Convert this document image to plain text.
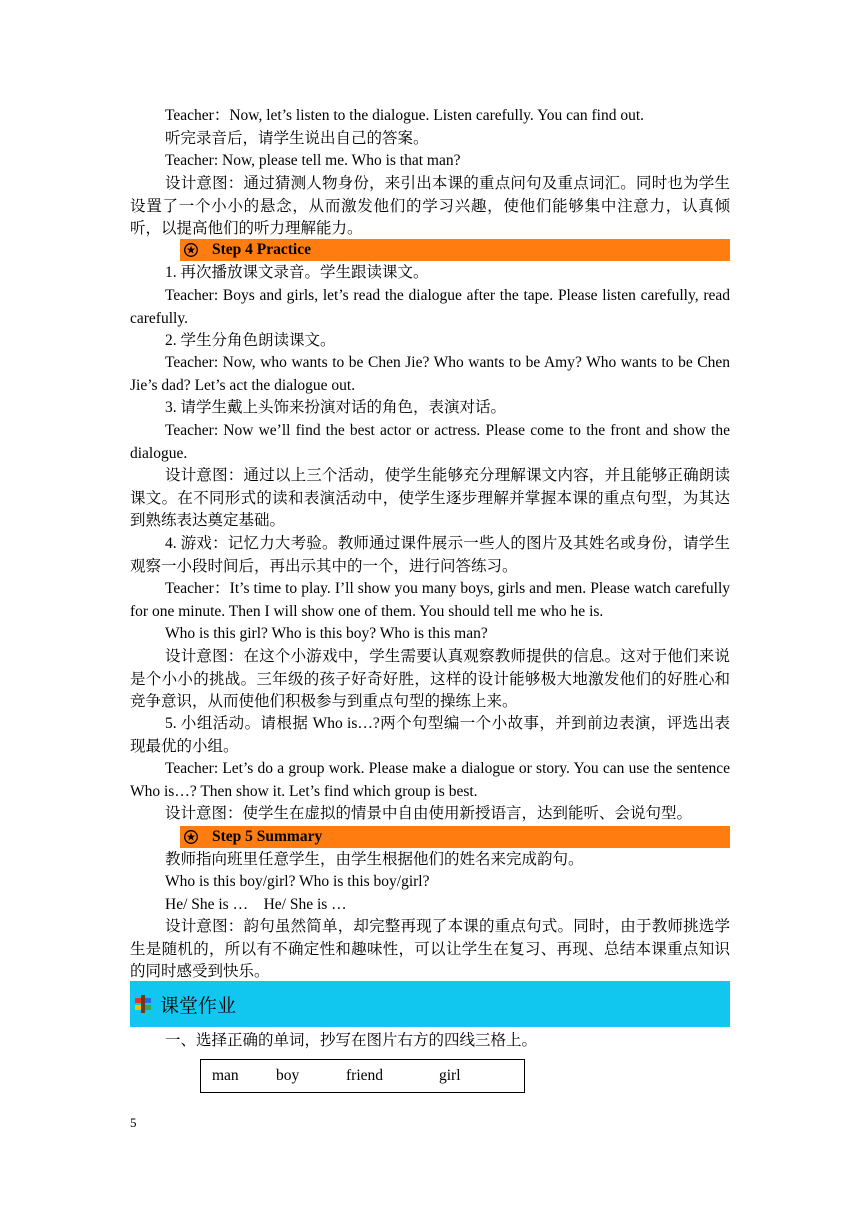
Teacher：Now, let’s listen to the dialogue. Listen carefully. You can find out.

听完录音后，请学生说出自己的答案。

Teacher: Now, please tell me. Who is that man?

设计意图：通过猜测人物身份，来引出本课的重点问句及重点词汇。同时也为学生设置了一个小小的悬念，从而激发他们的学习兴趣，使他们能够集中注意力，认真倾听，以提高他们的听力理解能力。

Step 4 Practice

1. 再次播放课文录音。学生跟读课文。

Teacher: Boys and girls, let’s read the dialogue after the tape. Please listen carefully, read carefully.

2. 学生分角色朗读课文。

Teacher: Now, who wants to be Chen Jie? Who wants to be Amy? Who wants to be Chen Jie’s dad? Let’s act the dialogue out.

3. 请学生戴上头饰来扮演对话的角色，表演对话。

Teacher: Now we’ll find the best actor or actress. Please come to the front and show the dialogue.

设计意图：通过以上三个活动，使学生能够充分理解课文内容，并且能够正确朗读课文。在不同形式的读和表演活动中，使学生逐步理解并掌握本课的重点句型，为其达到熟练表达奠定基础。

4. 游戏：记忆力大考验。教师通过课件展示一些人的图片及其姓名或身份，请学生观察一小段时间后，再出示其中的一个，进行问答练习。

Teacher：It’s time to play. I’ll show you many boys, girls and men. Please watch carefully for one minute. Then I will show one of them. You should tell me who he is.

Who is this girl? Who is this boy? Who is this man?

设计意图：在这个小游戏中，学生需要认真观察教师提供的信息。这对于他们来说是个小小的挑战。三年级的孩子好奇好胜，这样的设计能够极大地激发他们的好胜心和竞争意识，从而使他们积极参与到重点句型的操练上来。

5. 小组活动。请根据 Who is…?两个句型编一个小故事，并到前边表演，评选出表现最优的小组。

Teacher: Let’s do a group work. Please make a dialogue or story. You can use the sentence Who is…? Then show it. Let’s find which group is best.

设计意图：使学生在虚拟的情景中自由使用新授语言，达到能听、会说句型。

Step 5 Summary

教师指向班里任意学生，由学生根据他们的姓名来完成韵句。

Who is this boy/girl? Who is this boy/girl?

He/ She is …    He/ She is …

设计意图：韵句虽然简单，却完整再现了本课的重点句式。同时，由于教师挑选学生是随机的，所以有不确定性和趣味性，可以让学生在复习、再现、总结本课重点知识的同时感受到快乐。

课堂作业

一、选择正确的单词，抄写在图片右方的四线三格上。

man boy	friend	girl
5
